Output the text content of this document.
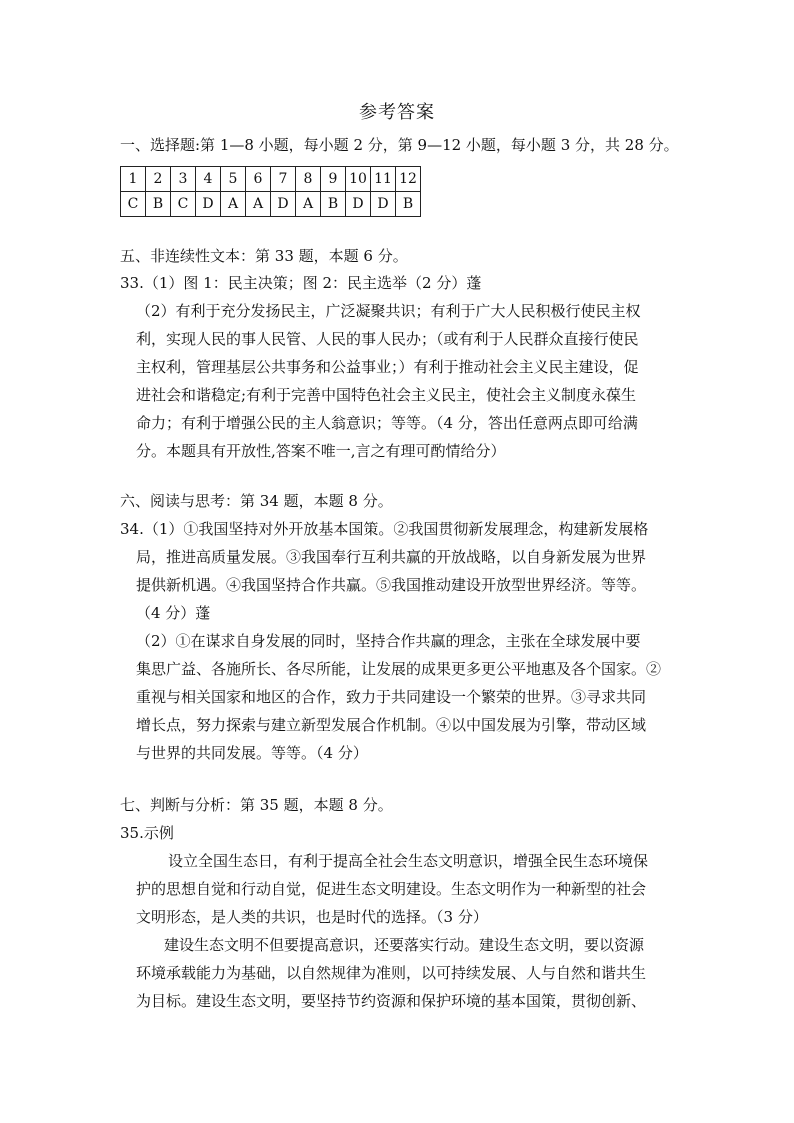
参考答案
一、选择题:第 1—8 小题，每小题 2 分，第 9—12 小题，每小题 3 分，共 28 分。
1	2	3	4	5	6	7	8	9	10	11	12
C	B	C	D	A	A	D	A	B	D	D	B
五、非连续性文本：第 33 题，本题 6 分。
33.（1）图 1：民主决策；图 2：民主选举（2 分）蓬
（2）有利于充分发扬民主，广泛凝聚共识；有利于广大人民积极行使民主权
利，实现人民的事人民管、人民的事人民办；（或有利于人民群众直接行使民
主权利，管理基层公共事务和公益事业；）有利于推动社会主义民主建设，促
进社会和谐稳定;有利于完善中国特色社会主义民主，使社会主义制度永葆生
命力；有利于增强公民的主人翁意识；等等。（4 分，答出任意两点即可给满
分。本题具有开放性,答案不唯一,言之有理可酌情给分）
六、阅读与思考：第 34 题，本题 8 分。
34.（1）①我国坚持对外开放基本国策。②我国贯彻新发展理念，构建新发展格
局，推进高质量发展。③我国奉行互利共赢的开放战略，以自身新发展为世界
提供新机遇。④我国坚持合作共赢。⑤我国推动建设开放型世界经济。等等。
（4 分）蓬
（2）①在谋求自身发展的同时，坚持合作共赢的理念，主张在全球发展中要
集思广益、各施所长、各尽所能，让发展的成果更多更公平地惠及各个国家。②
重视与相关国家和地区的合作，致力于共同建设一个繁荣的世界。③寻求共同
增长点，努力探索与建立新型发展合作机制。④以中国发展为引擎，带动区域
与世界的共同发展。等等。（4 分）
七、判断与分析：第 35 题，本题 8 分。
35.示例
设立全国生态日，有利于提高全社会生态文明意识，增强全民生态环境保
护的思想自觉和行动自觉，促进生态文明建设。生态文明作为一种新型的社会
文明形态，是人类的共识，也是时代的选择。（3 分）
建设生态文明不但要提高意识，还要落实行动。建设生态文明，要以资源
环境承载能力为基础，以自然规律为准则，以可持续发展、人与自然和谐共生
为目标。建设生态文明，要坚持节约资源和保护环境的基本国策，贯彻创新、
